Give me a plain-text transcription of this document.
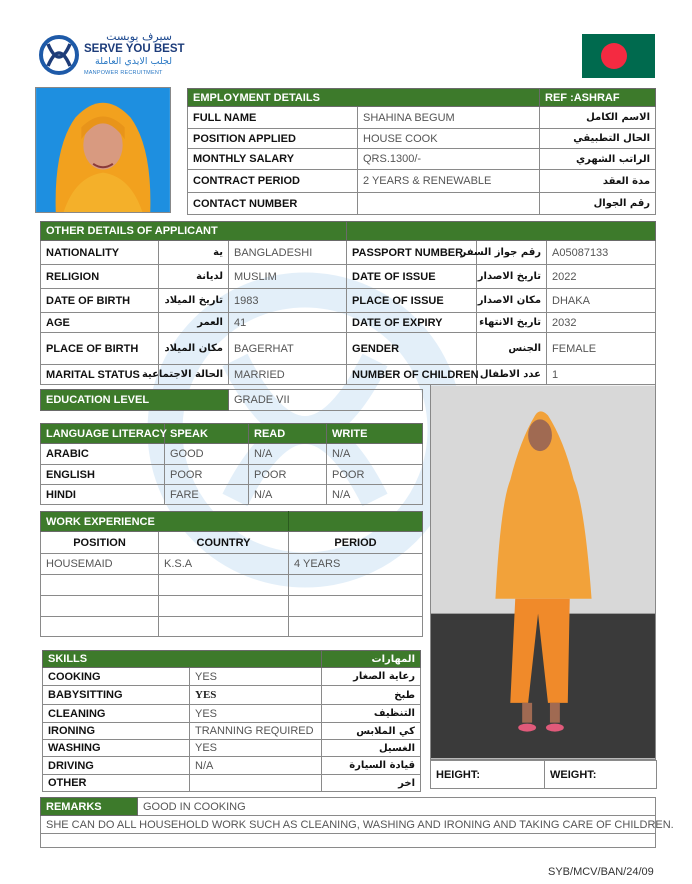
سيرف يوبست
SERVE YOU BEST
لجلب الايدي العاملة
MANPOWER RECRUITMENT
EMPLOYMENT DETAILS		REF :ASHRAF
FULL NAME	SHAHINA BEGUM	الاسم الكامل
POSITION APPLIED	HOUSE COOK	الحال التطبيقي
MONTHLY SALARY	QRS.1300/-	الراتب الشهري
CONTRACT PERIOD	2 YEARS & RENEWABLE	مدة العقد
CONTACT NUMBER		رقم الجوال
OTHER DETAILS OF APPLICANT					
NATIONALITY	ية	BANGLADESHI	PASSPORT NUMBER	رقم جواز السفر	A05087133
RELIGION	لديانة	MUSLIM	DATE OF ISSUE	تاريخ الاصدار	2022
DATE OF BIRTH	تاريخ الميلاد	1983	PLACE OF ISSUE	مكان الاصدار	DHAKA
AGE	العمر	41	DATE OF EXPIRY	تاريخ الانتهاء	2032
PLACE OF BIRTH	مكان الميلاد	BAGERHAT	GENDER	الجنس	FEMALE
MARITAL STATUS	الحالة الاجتماعية	MARRIED	NUMBER OF CHILDREN	عدد الاطفال	1
EDUCATION LEVEL	GRADE VII
LANGUAGE LITERACY	SPEAK	READ	WRITE
ARABIC	GOOD	N/A	N/A
ENGLISH	POOR	POOR	POOR
HINDI	FARE	N/A	N/A
WORK EXPERIENCE		
POSITION	COUNTRY	PERIOD
HOUSEMAID	K.S.A	4 YEARS

SKILLS		المهارات
COOKING	YES	رعاية الصغار
BABYSITTING	YES	طبخ
CLEANING	YES	التنظيف
IRONING	TRANNING REQUIRED	كي الملابس
WASHING	YES	الغسيل
DRIVING	N/A	قيادة السيارة
OTHER		اخر
HEIGHT:	WEIGHT:
REMARKS	GOOD IN COOKING
SHE CAN DO ALL HOUSEHOLD WORK SUCH AS CLEANING, WASHING AND IRONING AND TAKING CARE OF CHILDREN.

SYB/MCV/BAN/24/09
